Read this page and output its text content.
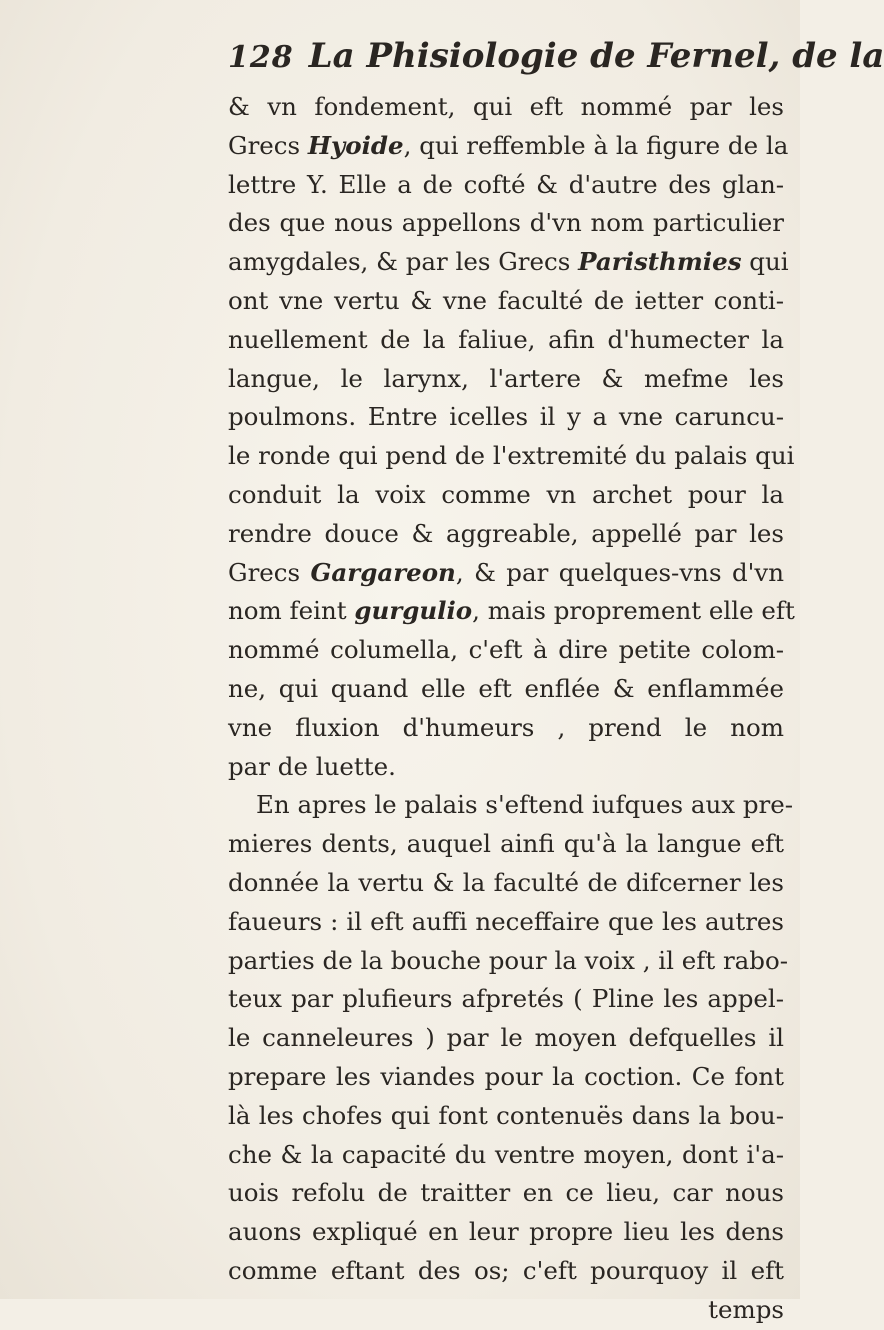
128 La Phisiologie de Fernel, de la
& vn fondement, qui eft nommé par les
Grecs Hyoide, qui reffemble à la figure de la
lettre Y. Elle a de cofté & d'autre des glan-
des que nous appellons d'vn nom particulier
amygdales, & par les Grecs Paristhmies qui
ont vne vertu & vne faculté de ietter conti-
nuellement de la faliue, afin d'humecter la
langue, le larynx, l'artere & mefme les
poulmons. Entre icelles il y a vne caruncu-
le ronde qui pend de l'extremité du palais qui
conduit la voix comme vn archet pour la
rendre douce & aggreable, appellé par les
Grecs Gargareon, & par quelques-vns d'vn
nom feint gurgulio, mais proprement elle eft
nommé columella, c'eft à dire petite colom-
ne, qui quand elle eft enflée & enflammée
vne fluxion d'humeurs , prend le nom
par de luette.
En apres le palais s'eftend iufques aux pre-
mieres dents, auquel ainfi qu'à la langue eft
donnée la vertu & la faculté de difcerner les
faueurs : il eft auffi neceffaire que les autres
parties de la bouche pour la voix , il eft rabo-
teux par plufieurs afpretés ( Pline les appel-
le canneleures ) par le moyen defquelles il
prepare les viandes pour la coction. Ce font
là les chofes qui font contenuës dans la bou-
che & la capacité du ventre moyen, dont i'a-
uois refolu de traitter en ce lieu, car nous
auons expliqué en leur propre lieu les dens
comme eftant des os; c'eft pourquoy il eft
temps
